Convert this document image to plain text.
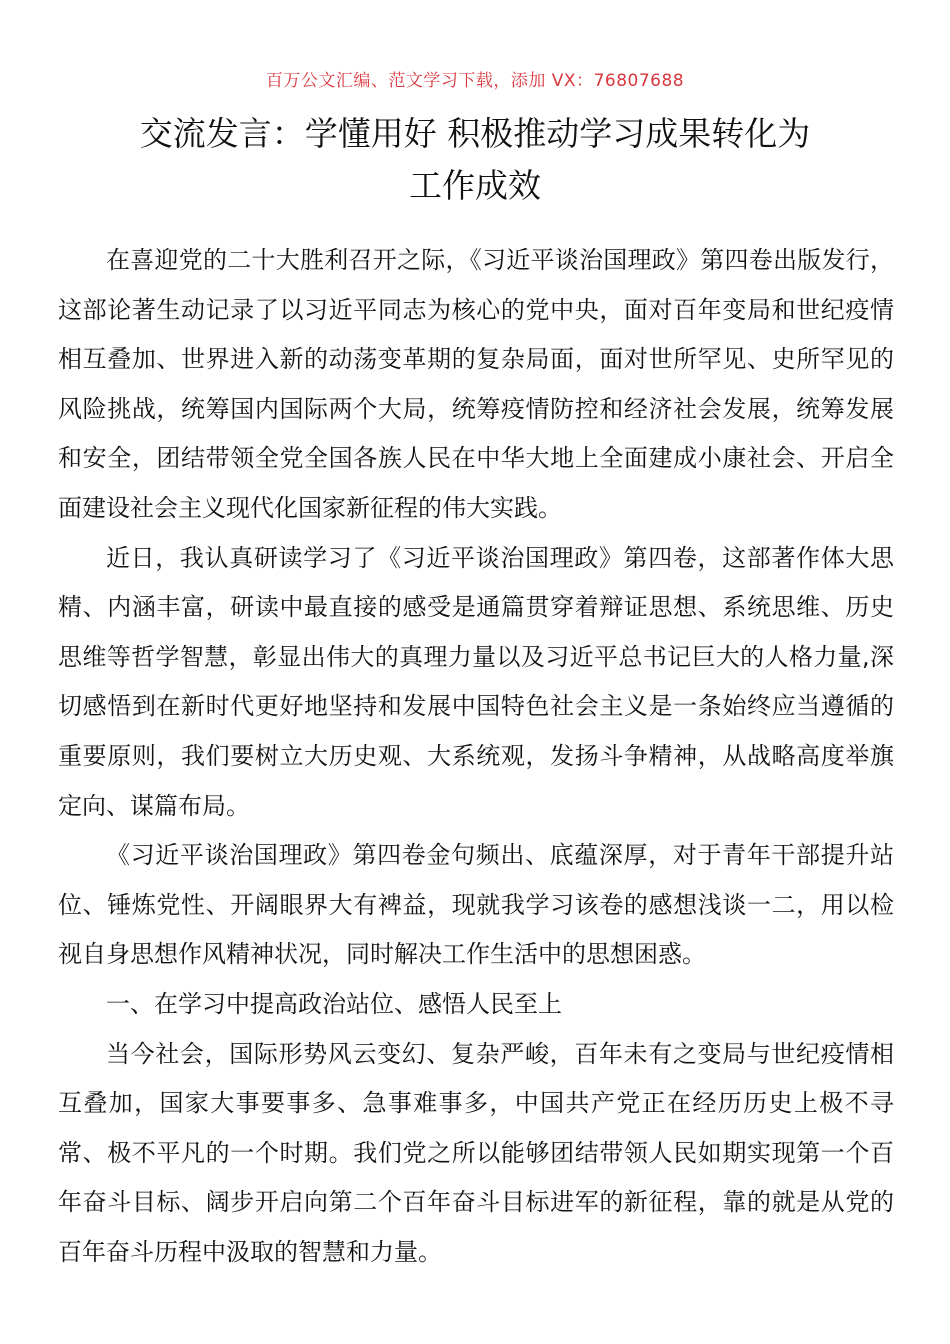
百万公文汇编、范文学习下载，添加 VX：76807688
交流发言：学懂用好 积极推动学习成果转化为
工作成效

在喜迎党的二十大胜利召开之际，《习近平谈治国理政》第四卷出版发行，这部论著生动记录了以习近平同志为核心的党中央，面对百年变局和世纪疫情相互叠加、世界进入新的动荡变革期的复杂局面，面对世所罕见、史所罕见的风险挑战，统筹国内国际两个大局，统筹疫情防控和经济社会发展，统筹发展和安全，团结带领全党全国各族人民在中华大地上全面建成小康社会、开启全面建设社会主义现代化国家新征程的伟大实践。

近日，我认真研读学习了《习近平谈治国理政》第四卷，这部著作体大思精、内涵丰富，研读中最直接的感受是通篇贯穿着辩证思想、系统思维、历史思维等哲学智慧，彰显出伟大的真理力量以及习近平总书记巨大的人格力量,深切感悟到在新时代更好地坚持和发展中国特色社会主义是一条始终应当遵循的重要原则，我们要树立大历史观、大系统观，发扬斗争精神，从战略高度举旗定向、谋篇布局。

《习近平谈治国理政》第四卷金句频出、底蕴深厚，对于青年干部提升站位、锤炼党性、开阔眼界大有裨益，现就我学习该卷的感想浅谈一二，用以检视自身思想作风精神状况，同时解决工作生活中的思想困惑。

一、在学习中提高政治站位、感悟人民至上

当今社会，国际形势风云变幻、复杂严峻，百年未有之变局与世纪疫情相互叠加，国家大事要事多、急事难事多，中国共产党正在经历历史上极不寻常、极不平凡的一个时期。我们党之所以能够团结带领人民如期实现第一个百年奋斗目标、阔步开启向第二个百年奋斗目标进军的新征程，靠的就是从党的百年奋斗历程中汲取的智慧和力量。
